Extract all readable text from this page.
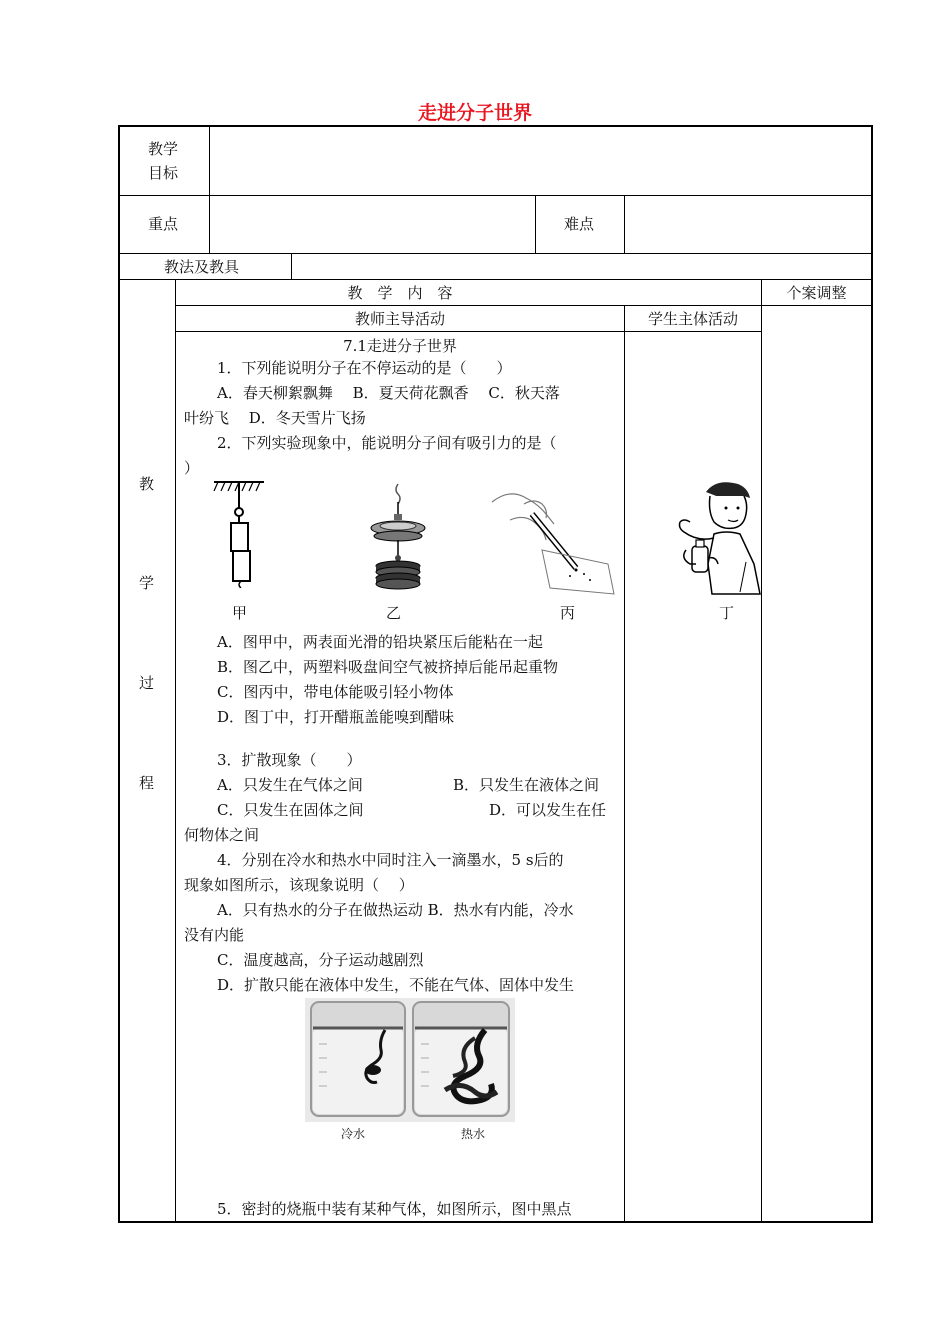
走进分子世界
教学
目标
重点	难点
教法及教具
教　学　内　容	个案调整
教师主导活动	学生主体活动
教
学
过
程
7.1走进分子世界

1．下列能说明分子在不停运动的是（　　）

A．春天柳絮飘舞　 B．夏天荷花飘香　 C．秋天落

叶纷飞　 D．冬天雪片飞扬

2．下列实验现象中，能说明分子间有吸引力的是（

）

甲	乙	丙	丁

A．图甲中，两表面光滑的铅块紧压后能粘在一起

B．图乙中，两塑料吸盘间空气被挤掉后能吊起重物

C．图丙中，带电体能吸引轻小物体

D．图丁中，打开醋瓶盖能嗅到醋味

3．扩散现象（　　）

A．只发生在气体之间	B．只发生在液体之间

C．只发生在固体之间	D．可以发生在任

何物体之间

4．分别在冷水和热水中同时注入一滴墨水，5 s后的

现象如图所示，该现象说明（　 ）

A．只有热水的分子在做热运动 B．热水有内能，冷水

没有内能

C．温度越高，分子运动越剧烈

D．扩散只能在液体中发生，不能在气体、固体中发生

冷水	热水

5．密封的烧瓶中装有某种气体，如图所示，图中黑点
